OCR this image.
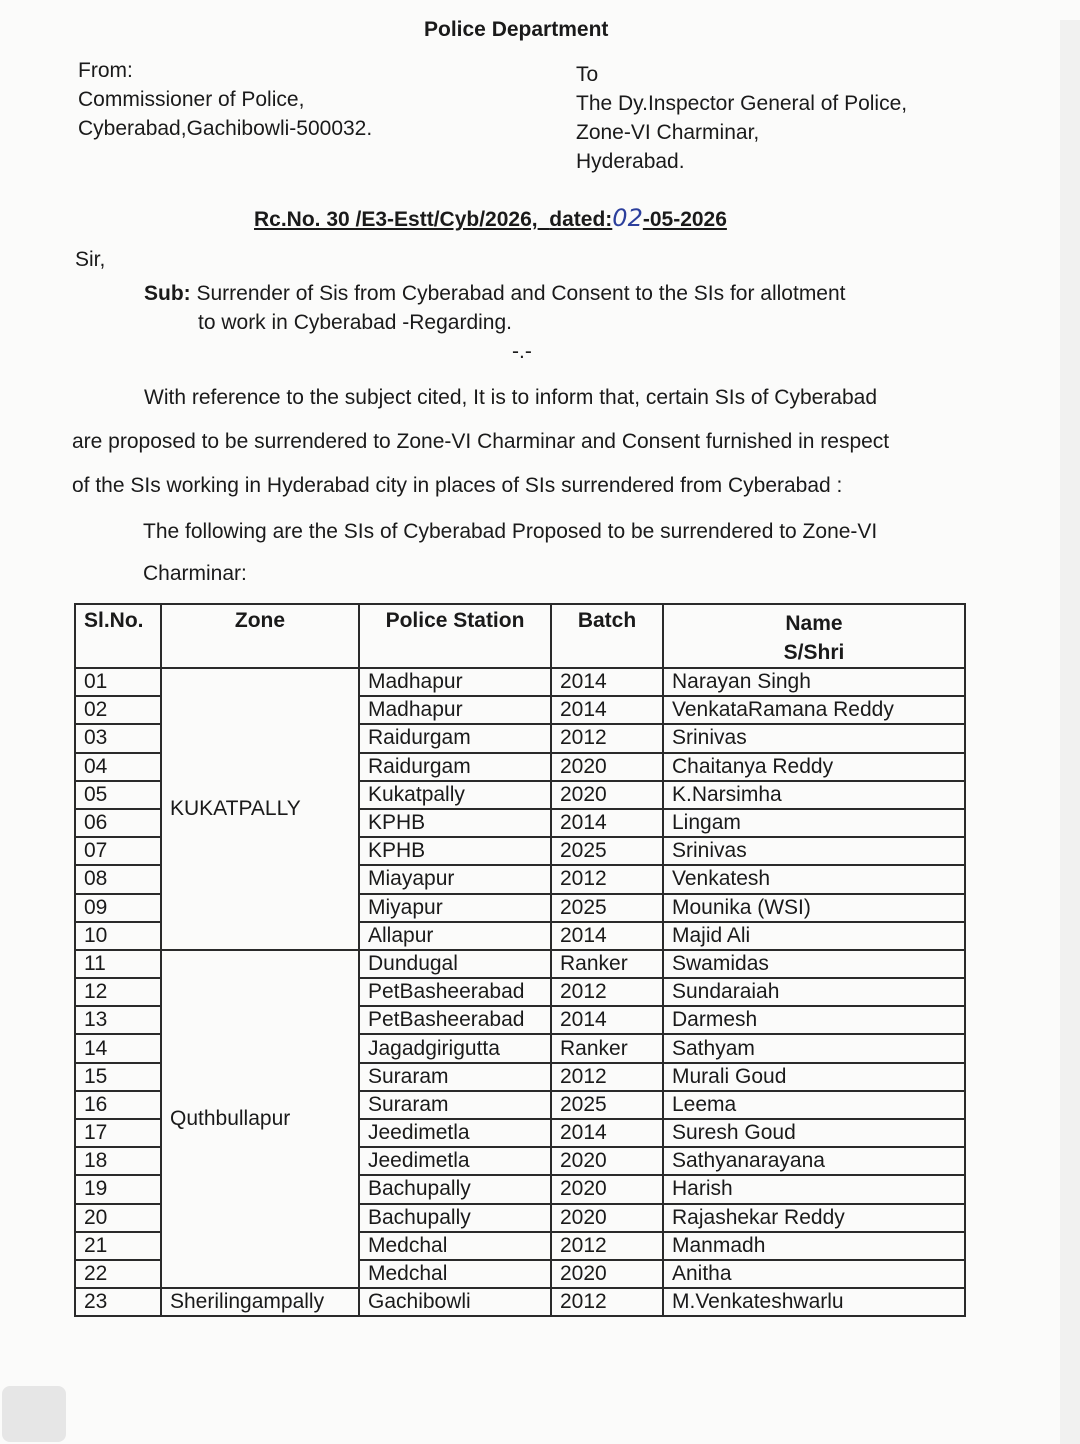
Police Department
From:
Commissioner of Police,
Cyberabad,Gachibowli-500032.
To
The Dy.Inspector General of Police,
Zone-VI Charminar,
Hyderabad.
Rc.No. 30 /E3-Estt/Cyb/2026, dated:02-05-2026
Sir,
Sub: Surrender of Sis from Cyberabad and Consent to the SIs for allotment
to work in Cyberabad -Regarding.
-.-
With reference to the subject cited, It is to inform that, certain SIs of Cyberabad
are proposed to be surrendered to Zone-VI Charminar and Consent furnished in respect
of the SIs working in Hyderabad city in places of SIs surrendered from Cyberabad :
The following are the SIs of Cyberabad Proposed to be surrendered to Zone-VI
Charminar:
Sl.No.	Zone	Police Station	Batch	Name
S/Shri

01	KUKATPALLY	Madhapur	2014	Narayan Singh
02		Madhapur	2014	VenkataRamana Reddy
03		Raidurgam	2012	Srinivas
04		Raidurgam	2020	Chaitanya Reddy
05		Kukatpally	2020	K.Narsimha
06		KPHB	2014	Lingam
07		KPHB	2025	Srinivas
08		Miayapur	2012	Venkatesh
09		Miyapur	2025	Mounika (WSI)
10		Allapur	2014	Majid Ali
11	Quthbullapur	Dundugal	Ranker	Swamidas
12		PetBasheerabad	2012	Sundaraiah
13		PetBasheerabad	2014	Darmesh
14		Jagadgirigutta	Ranker	Sathyam
15		Suraram	2012	Murali Goud
16		Suraram	2025	Leema
17		Jeedimetla	2014	Suresh Goud
18		Jeedimetla	2020	Sathyanarayana
19		Bachupally	2020	Harish
20		Bachupally	2020	Rajashekar Reddy
21		Medchal	2012	Manmadh
22		Medchal	2020	Anitha
23	Sherilingampally	Gachibowli	2012	M.Venkateshwarlu
